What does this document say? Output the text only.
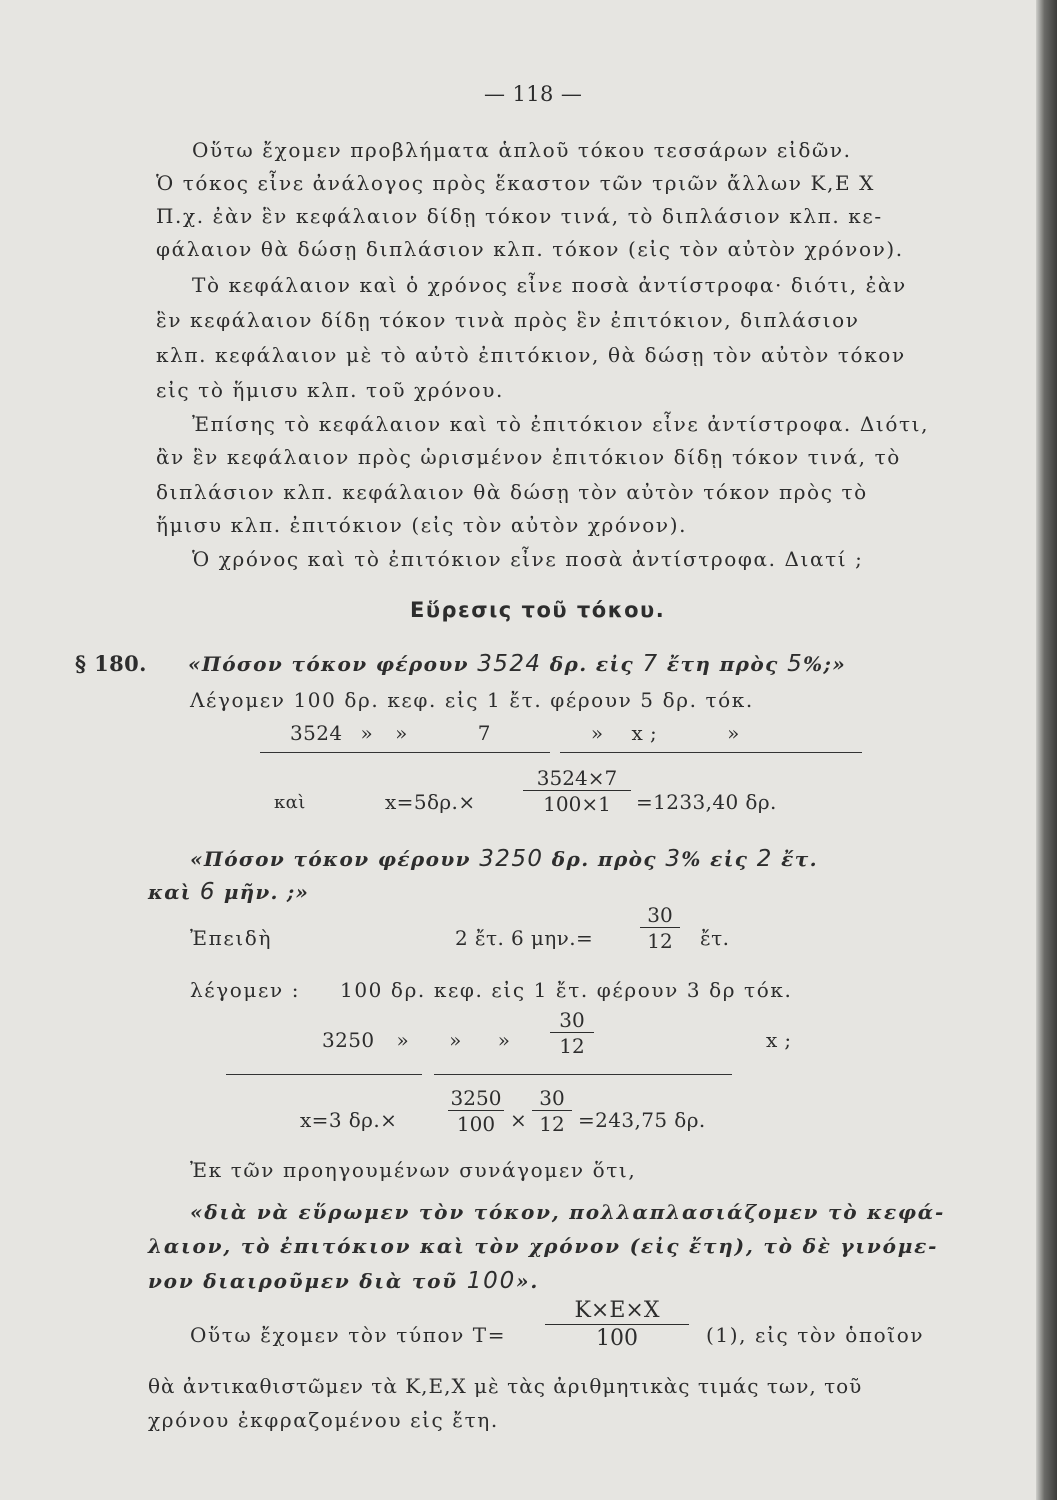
— 118 —
Οὕτω ἔχομεν προβλήματα ἁπλοῦ τόκου τεσσάρων εἰδῶν.
Ὁ τόκος εἶνε ἀνάλογος πρὸς ἕκαστον τῶν τριῶν ἄλλων Κ,Ε Χ
Π.χ. ἐὰν ἓν κεφάλαιον δίδῃ τόκον τινά, τὸ διπλάσιον κλπ. κε-
φάλαιον θὰ δώσῃ διπλάσιον κλπ. τόκον (εἰς τὸν αὐτὸν χρόνον).
Τὸ κεφάλαιον καὶ ὁ χρόνος εἶνε ποσὰ ἀντίστροφα· διότι, ἐὰν
ἓν κεφάλαιον δίδῃ τόκον τινὰ πρὸς ἓν ἐπιτόκιον, διπλάσιον
κλπ. κεφάλαιον μὲ τὸ αὐτὸ ἐπιτόκιον, θὰ δώσῃ τὸν αὐτὸν τόκον
εἰς τὸ ἥμισυ κλπ. τοῦ χρόνου.
Ἐπίσης τὸ κεφάλαιον καὶ τὸ ἐπιτόκιον εἶνε ἀντίστροφα. Διότι,
ἂν ἓν κεφάλαιον πρὸς ὡρισμένον ἐπιτόκιον δίδῃ τόκον τινά, τὸ
διπλάσιον κλπ. κεφάλαιον θὰ δώσῃ τὸν αὐτὸν τόκον πρὸς τὸ
ἥμισυ κλπ. ἐπιτόκιον (εἰς τὸν αὐτὸν χρόνον).
Ὁ χρόνος καὶ τὸ ἐπιτόκιον εἶνε ποσὰ ἀντίστροφα. Διατί ;
Εὕρεσις τοῦ τόκου.
§ 180. «Πόσον τόκον φέρουν 3524 δρ. εἰς 7 ἔτη πρὸς 5%;»
Λέγομεν 100 δρ. κεφ. εἰς 1 ἔτ. φέρουν 5 δρ. τόκ.
3524 » »	7	» x ;	»
καὶ	x=5δρ.×
3524×7
100×1	=1233,40 δρ.
«Πόσον τόκον φέρουν 3250 δρ. πρὸς 3% εἰς 2 ἔτ.
καὶ 6 μῆν. ;»
Ἐπειδὴ	2 ἔτ. 6 μην.=
30
12	ἔτ.
λέγομεν : 100 δρ. κεφ. εἰς 1 ἔτ. φέρουν 3 δρ τόκ.
3250 » » »
30
12	x ;
x=3 δρ.×
3250
100 ×
30
12 =243,75 δρ.
Ἐκ τῶν προηγουμένων συνάγομεν ὅτι,
«διὰ νὰ εὕρωμεν τὸν τόκον, πολλαπλασιάζομεν τὸ κεφά-
λαιον, τὸ ἐπιτόκιον καὶ τὸν χρόνον (εἰς ἔτη), τὸ δὲ γινόμε-
νον διαιροῦμεν διὰ τοῦ 100».
Οὕτω ἔχομεν τὸν τύπον Τ=
Κ×Ε×Χ
100	(1), εἰς τὸν ὁποῖον
θὰ ἀντικαθιστῶμεν τὰ Κ,Ε,Χ μὲ τὰς ἀριθμητικὰς τιμάς των, τοῦ
χρόνου ἐκφραζομένου εἰς ἔτη.
